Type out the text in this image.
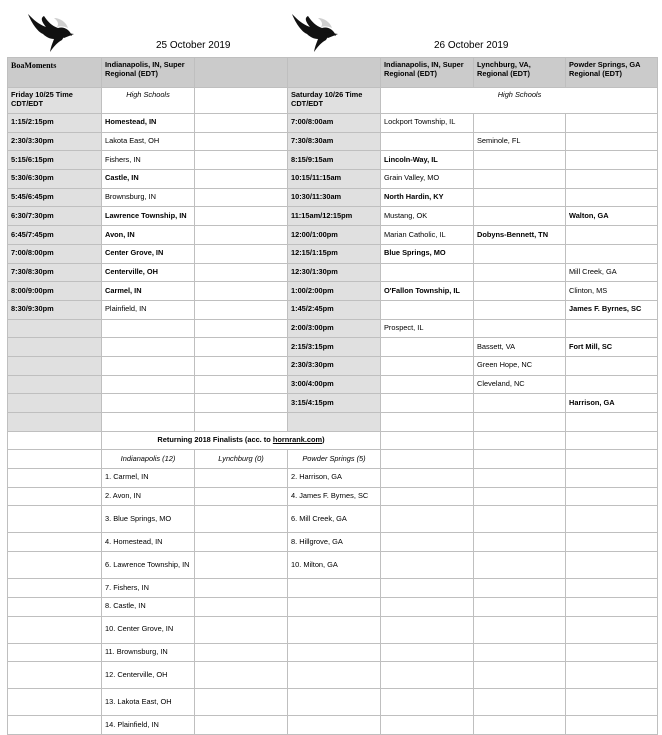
25 October 2019	26 October 2019
BoaMoments	Indianapolis, IN, Super Regional (EDT)			Indianapolis, IN, Super Regional (EDT)	Lynchburg, VA, Regional (EDT)	Powder Springs, GA Regional (EDT)
Friday 10/25 Time CDT/EDT	High Schools		Saturday 10/26 Time CDT/EDT		High Schools	
1:15/2:15pm	Homestead, IN		7:00/8:00am	Lockport Township, IL		
2:30/3:30pm	Lakota East, OH		7:30/8:30am		Seminole, FL	
5:15/6:15pm	Fishers, IN		8:15/9:15am	Lincoln-Way, IL		
5:30/6:30pm	Castle, IN		10:15/11:15am	Grain Valley, MO		
5:45/6:45pm	Brownsburg, IN		10:30/11:30am	North Hardin, KY		
6:30/7:30pm	Lawrence Township, IN		11:15am/12:15pm	Mustang, OK		Walton, GA
6:45/7:45pm	Avon, IN		12:00/1:00pm	Marian Catholic, IL	Dobyns-Bennett, TN	
7:00/8:00pm	Center Grove, IN		12:15/1:15pm	Blue Springs, MO		
7:30/8:30pm	Centerville, OH		12:30/1:30pm			Mill Creek, GA
8:00/9:00pm	Carmel, IN		1:00/2:00pm	O'Fallon Township, IL		Clinton, MS
8:30/9:30pm	Plainfield, IN		1:45/2:45pm			James F. Byrnes, SC
			2:00/3:00pm	Prospect, IL		
			2:15/3:15pm		Bassett, VA	Fort Mill, SC
			2:30/3:30pm		Green Hope, NC	
			3:00/4:00pm		Cleveland, NC	
			3:15/4:15pm			Harrison, GA

	Returning 2018 Finalists (acc. to hornrank.com)					
	Indianapolis (12)	Lynchburg (0)	Powder Springs (5)			
	1. Carmel, IN		2. Harrison, GA			
	2. Avon, IN		4. James F. Byrnes, SC			
	3. Blue Springs, MO		6. Mill Creek, GA			
	4. Homestead, IN		8. Hillgrove, GA			
	6. Lawrence Township, IN		10. Milton, GA			
	7. Fishers, IN					
	8. Castle, IN					
	10. Center Grove, IN					
	11. Brownsburg, IN					
	12. Centerville, OH					
	13. Lakota East, OH					
	14. Plainfield, IN					
